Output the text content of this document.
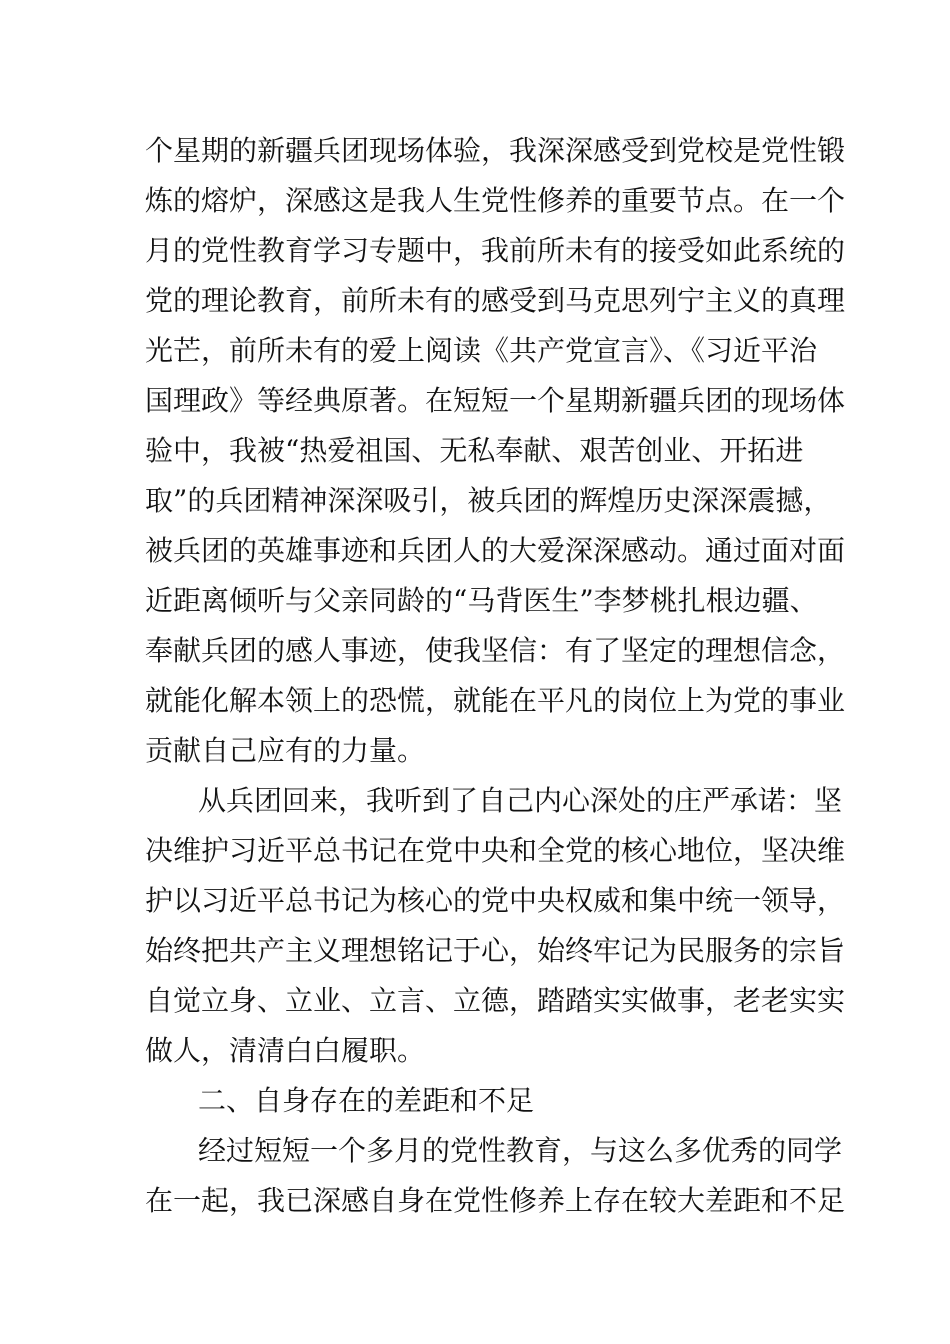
个星期的新疆兵团现场体验，我深深感受到党校是党性锻
炼的熔炉，深感这是我人生党性修养的重要节点。在一个
月的党性教育学习专题中，我前所未有的接受如此系统的
党的理论教育，前所未有的感受到马克思列宁主义的真理
光芒，前所未有的爱上阅读《共产党宣言》、《习近平治
国理政》等经典原著。在短短一个星期新疆兵团的现场体
验中，我被“热爱祖国、无私奉献、艰苦创业、开拓进
取”的兵团精神深深吸引，被兵团的辉煌历史深深震撼，
被兵团的英雄事迹和兵团人的大爱深深感动。通过面对面
近距离倾听与父亲同龄的“马背医生”李梦桃扎根边疆、
奉献兵团的感人事迹，使我坚信：有了坚定的理想信念，
就能化解本领上的恐慌，就能在平凡的岗位上为党的事业
贡献自己应有的力量。
从兵团回来，我听到了自己内心深处的庄严承诺：坚
决维护习近平总书记在党中央和全党的核心地位，坚决维
护以习近平总书记为核心的党中央权威和集中统一领导，
始终把共产主义理想铭记于心，始终牢记为民服务的宗旨
自觉立身、立业、立言、立德，踏踏实实做事，老老实实
做人，清清白白履职。
二、自身存在的差距和不足
经过短短一个多月的党性教育，与这么多优秀的同学
在一起，我已深感自身在党性修养上存在较大差距和不足
